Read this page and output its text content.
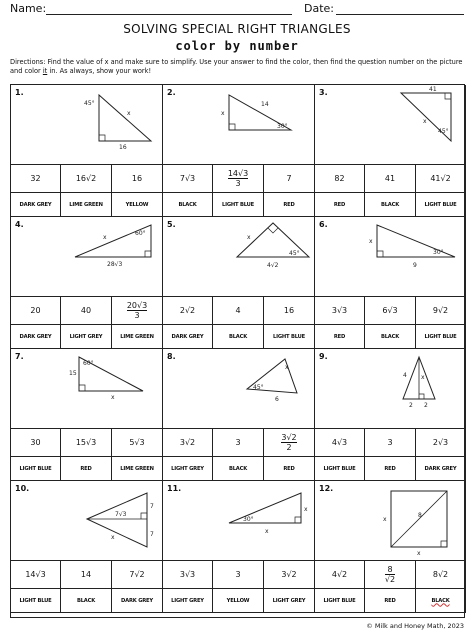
Name:	Date:
SOLVING SPECIAL RIGHT TRIANGLES
color by number
Directions: Find the value of x and make sure to simplify. Use your answer to find the color, then find the question number on the picture and color it in. As always, show your work!
1.
45°
x
16
2.
x
14
30°
3.	41
x
45°
4.
x
60°
28√3
5.
x
45°
4√2
6.
x
9
30°
7.
60°
15
x
8.
x
45°
6
9.
4 x
2 2
10.
7√3
7
7
x
11.
x
30°
x
12.
x
8
x
32
DARK GREY
16√2
LIME GREEN
16
YELLOW
7√3
BLACK
$\frac{14√3}{3}$
LIGHT BLUE
7
RED
82
RED
41
BLACK
41√2
LIGHT BLUE
20
DARK GREY
40
LIGHT GREY
$\frac{20√3}{3}$
LIME GREEN
2√2
DARK GREY
4
BLACK
16
LIGHT BLUE
3√3
RED
6√3
BLACK
9√2
LIGHT BLUE
30
LIGHT BLUE
15√3
RED
5√3
LIME GREEN
3√2
LIGHT GREY
3
BLACK
$\frac{3√2}{2}$
RED
4√3
LIGHT BLUE
3
RED
2√3
DARK GREY
14√3
LIGHT BLUE
14
BLACK
7√2
DARK GREY
3√3
LIGHT GREY
3
YELLOW
3√2
LIGHT GREY
4√2
LIGHT BLUE
$\frac{8}{√2}$
RED
8√2
BLACK
© Milk and Honey Math, 2023
